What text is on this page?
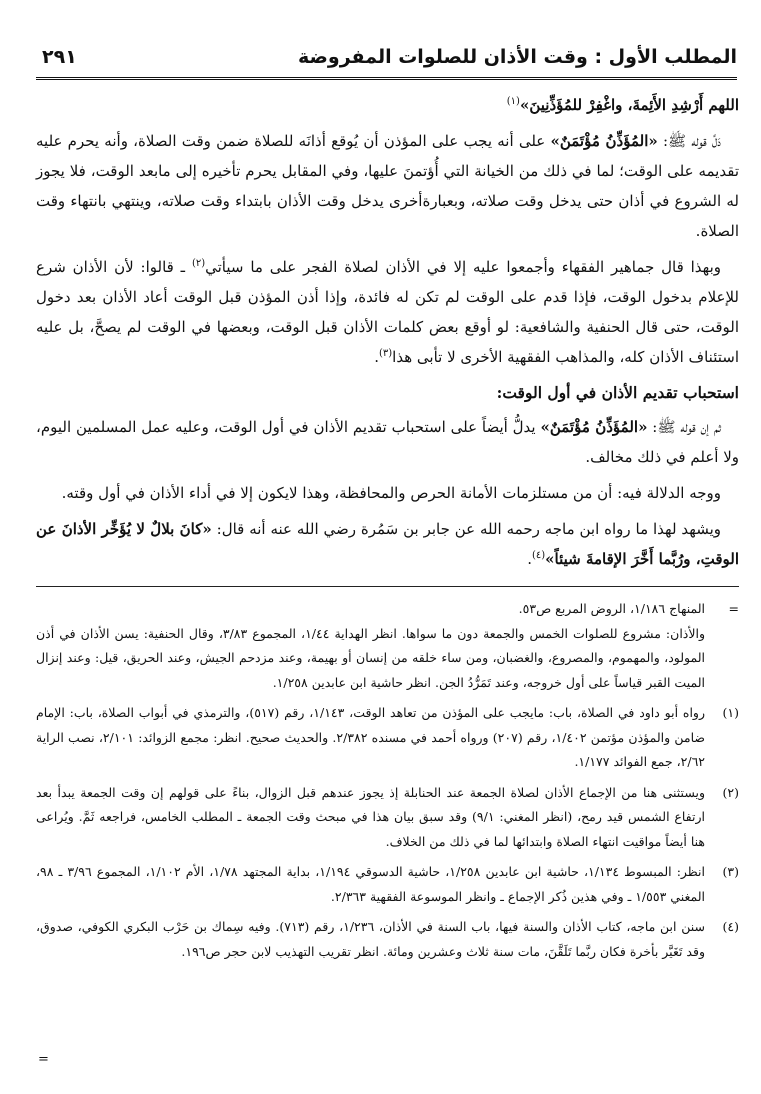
المطلب الأول : وقت الأذان للصلوات المفروضة
٢٩١

اللهم أَرْشِدِ الأَئِمةَ، واغْفِرْ للمُؤَذِّنِينَ»$^{(١)}$

دَلَّ قوله ﷺ: «المُؤَذِّنُ مُؤْتَمَنٌ» على أنه يجب على المؤذن أن يُوقع أذانَه للصلاة ضمن وقت الصلاة، وأنه يحرم عليه تقديمه على الوقت؛ لما في ذلك من الخيانة التي أُؤتمنَ عليها، وفي المقابل يحرم تأخيره إلى مابعد الوقت، فلا يجوز له الشروع في أذان حتى يدخل وقت صلاته، وبعبارةأخرى يدخل وقت الأذان بابتداء وقت صلاته، وينتهي بانتهاء وقت الصلاة.

وبهذا قال جماهير الفقهاء وأجمعوا عليه إلا في الأذان لصلاة الفجر على ما سيأتي$^{(٢)}$ ـ قالوا: لأن الأذان شرع للإعلام بدخول الوقت، فإذا قدم على الوقت لم تكن له فائدة، وإذا أذن المؤذن قبل الوقت أعاد الأذان بعد دخول الوقت، حتى قال الحنفية والشافعية: لو أوقع بعض كلمات الأذان قبل الوقت، وبعضها في الوقت لم يصحَّ، بل عليه استئناف الأذان كله، والمذاهب الفقهية الأخرى لا تأبى هذا$^{(٣)}$.

استحباب تقديم الأذان في أول الوقت:

ثم إن قوله ﷺ: «المُؤَذِّنُ مُؤْتَمَنٌ» يدلُّ أيضاً على استحباب تقديم الأذان في أول الوقت، وعليه عمل المسلمين اليوم، ولا أعلم في ذلك مخالف.

ووجه الدلالة فيه: أن من مستلزمات الأمانة الحرص والمحافظة، وهذا لايكون إلا في أداء الأذان في أول وقته.

ويشهد لهذا ما رواه ابن ماجه رحمه الله عن جابر بن سَمُرة رضي الله عنه أنه قال: «كانَ بلالٌ لا يُؤَخِّر الأذانَ عن الوقتِ، ورُبَّما أَخَّرَ الإقامةَ شيئاً»$^{(٤)}$.

=
المنهاج ١/١٨٦، الروض المربع ص٥٣.
والأذان: مشروع للصلوات الخمس والجمعة دون ما سواها. انظر الهداية ١/٤٤، المجموع ٣/٨٣، وقال الحنفية: يسن الأذان في أذن المولود، والمهموم، والمصروع، والغضبان، ومن ساء خلقه من إنسان أو بهيمة، وعند مزدحم الجيش، وعند الحريق، قيل: وعند إنزال الميت القبر قياساً على أول خروجه، وعند تَمَرُّدُ الجن. انظر حاشية ابن عابدين ١/٢٥٨.
(١)
رواه أبو داود في الصلاة، باب: مايجب على المؤذن من تعاهد الوقت، ١/١٤٣، رقم (٥١٧)، والترمذي في أبواب الصلاة، باب: الإمام ضامن والمؤذن مؤتمن ١/٤٠٢، رقم (٢٠٧) ورواه أحمد في مسنده ٢/٣٨٢. والحديث صحيح. انظر: مجمع الزوائد: ٢/١٠١، نصب الراية ٢/٦٢، جمع الفوائد ١/١٧٧.
(٢)
ويستثنى هنا من الإجماع الأذان لصلاة الجمعة عند الحنابلة إذ يجوز عندهم قبل الزوال، بناءً على قولهم إن وقت الجمعة يبدأ بعد ارتفاع الشمس قيد رمح، (انظر المغني: ٩/١) وقد سبق بيان هذا في مبحث وقت الجمعة ـ المطلب الخامس، فراجعه ثَمَّ. ويُراعى هنا أيضاً مواقيت انتهاء الصلاة وابتدائها لما في ذلك من الخلاف.
(٣)
انظر: المبسوط ١/١٣٤، حاشية ابن عابدين ١/٢٥٨، حاشية الدسوقي ١/١٩٤، بداية المجتهد ١/٧٨، الأم ١/١٠٢، المجموع ٣/٩٦ ـ ٩٨، المغني ١/٥٥٣ ـ وفي هذين ذُكر الإجماع ـ وانظر الموسوعة الفقهية ٢/٣٦٣.
(٤)
سنن ابن ماجه، كتاب الأذان والسنة فيها، باب السنة في الأذان، ١/٢٣٦، رقم (٧١٣). وفيه سِماك بن حَرْب البكري الكوفي، صدوق، وقد تَغَيَّر بأخرة فكان ربَّما تَلَقَّنَ، مات سنة ثلاث وعشرين ومائة. انظر تقريب التهذيب لابن حجر ص١٩٦.
=
